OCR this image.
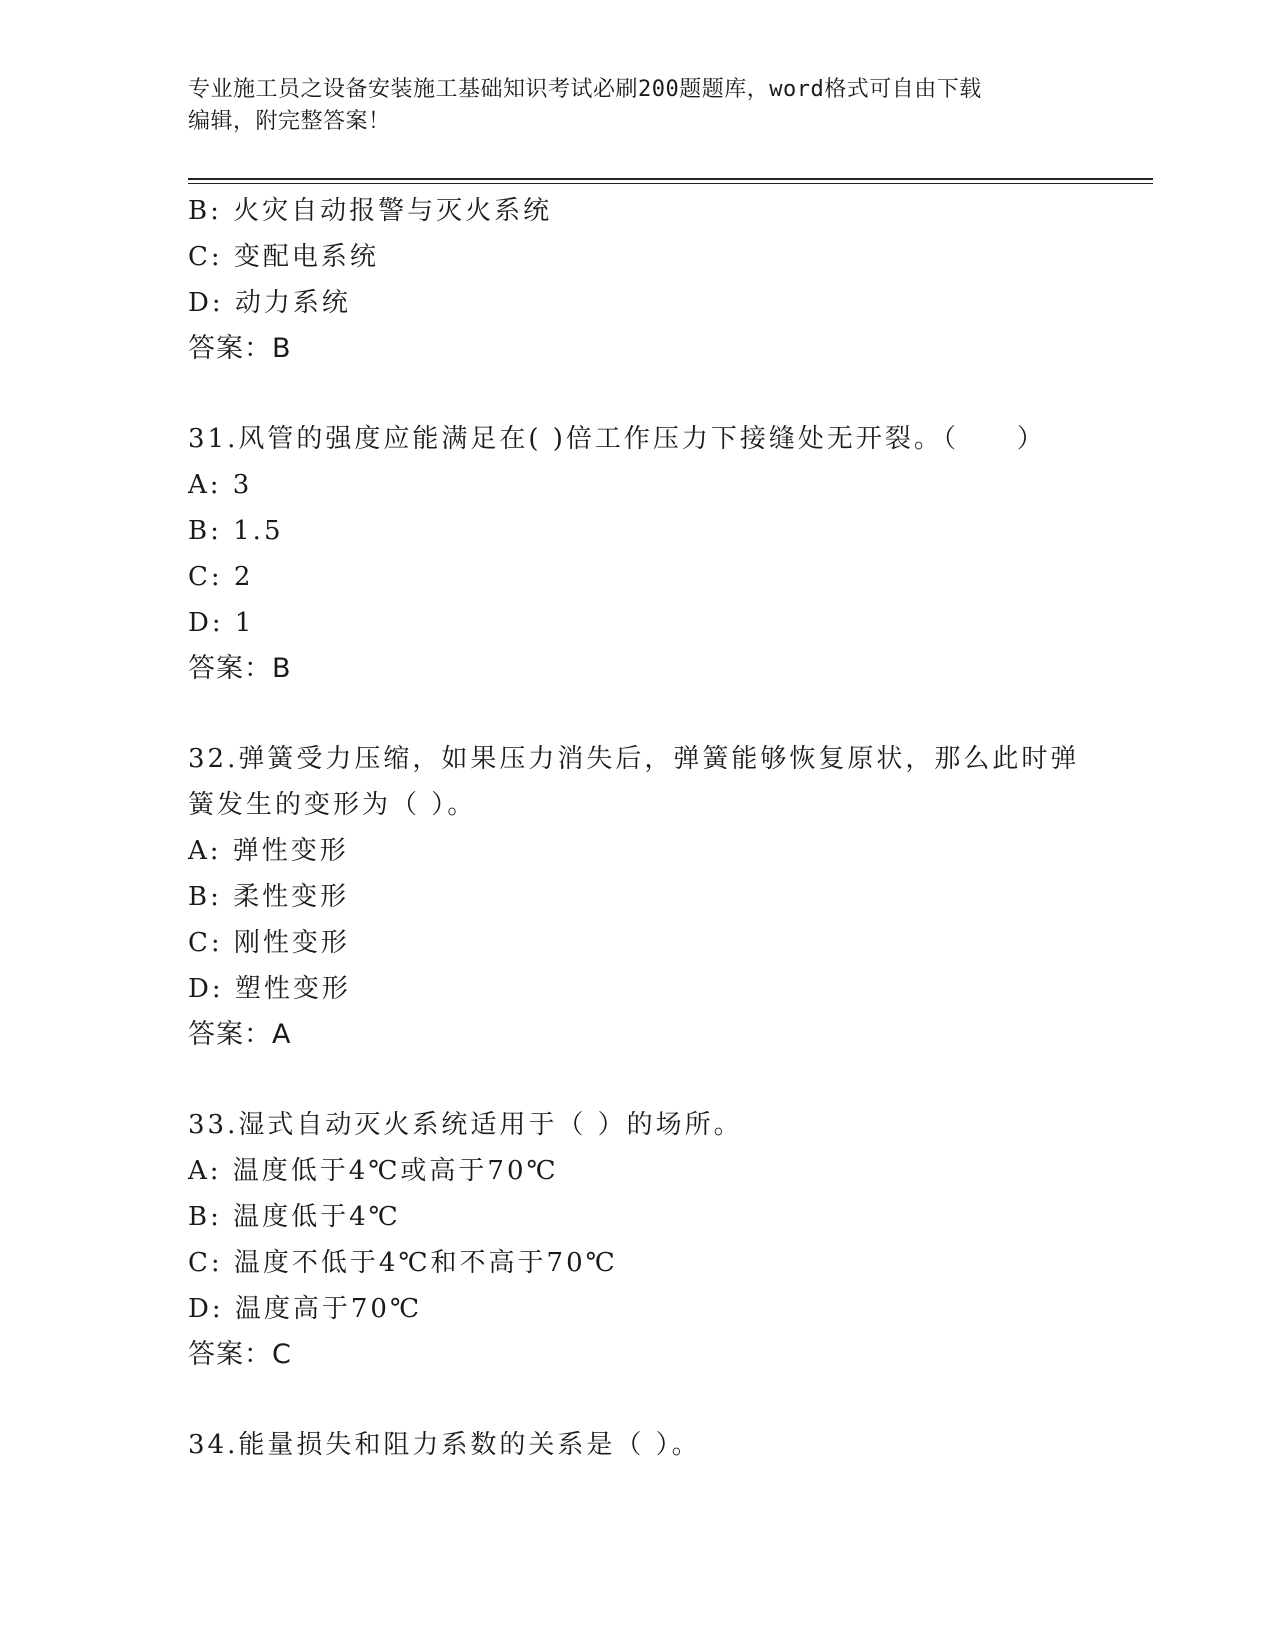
专业施工员之设备安装施工基础知识考试必刷200题题库，word格式可自由下载
编辑，附完整答案！
B: 火灾自动报警与灭火系统
C: 变配电系统
D: 动力系统
答案：B
31.风管的强度应能满足在( )倍工作压力下接缝处无开裂。（　　）
A: 3
B: 1.5
C: 2
D: 1
答案：B
32.弹簧受力压缩，如果压力消失后，弹簧能够恢复原状，那么此时弹
簧发生的变形为（ ）。
A: 弹性变形
B: 柔性变形
C: 刚性变形
D: 塑性变形
答案：A
33.湿式自动灭火系统适用于（ ）的场所。
A: 温度低于4℃或高于70℃
B: 温度低于4℃
C: 温度不低于4℃和不高于70℃
D: 温度高于70℃
答案：C
34.能量损失和阻力系数的关系是（ ）。
